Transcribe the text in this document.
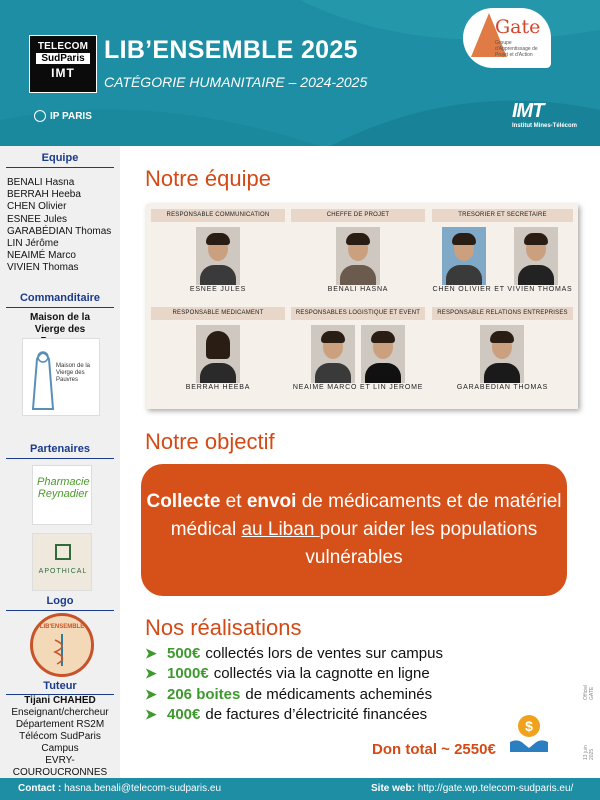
TELECOM
SudParis
IMT
IP PARIS
LIB’ENSEMBLE 2025
CATÉGORIE HUMANITAIRE – 2024-2025
Gate
Groupe d'Apprentissage de Projet et d'Action
IMT
Institut Mines-Télécom
Equipe
BENALI Hasna
BERRAH Heeba
CHEN Olivier
ESNEE Jules
GARABÉDIAN Thomas
LIN Jérôme
NEAIMÉ Marco
VIVIEN Thomas
Commanditaire
Maison de la Vierge des
Maison de la Vierge des Pauvres
Partenaires
Pharmacie Reynadier
APOTHICAL
Logo
LIB'ENSEMBLE
Tuteur
Tijani CHAHED
Enseignant/chercheur
Département RS2M
Télécom SudParis
Campus
EVRY-COUROUCRONNES
Notre équipe
RESPONSABLE COMMUNICATION
ESNEE JULES
CHEFFE DE PROJET
BENALI HASNA
TRESORIER ET SECRETAIRE
CHEN OLIVIER ET VIVIEN THOMAS
RESPONSABLE MEDICAMENT
BERRAH HEEBA
RESPONSABLES LOGISTIQUE ET EVENT
NEAIME MARCO ET LIN JEROME
RESPONSABLE RELATIONS ENTREPRISES
GARABEDIAN THOMAS
Notre objectif
Collecte et envoi de médicaments et de matériel médical au Liban pour aider les populations vulnérables
Nos réalisations
➤ 500€ collectés lors de ventes sur campus
➤ 1000€ collectés via la cagnotte en ligne
➤ 206 boites de médicaments acheminés
➤ 400€ de factures d’électricité financées
Don total ~ 2550€
$
Officiel GATE
13 juin 2025
Contact : hasna.benali@telecom-sudparis.eu	Site web: http://gate.wp.telecom-sudparis.eu/
